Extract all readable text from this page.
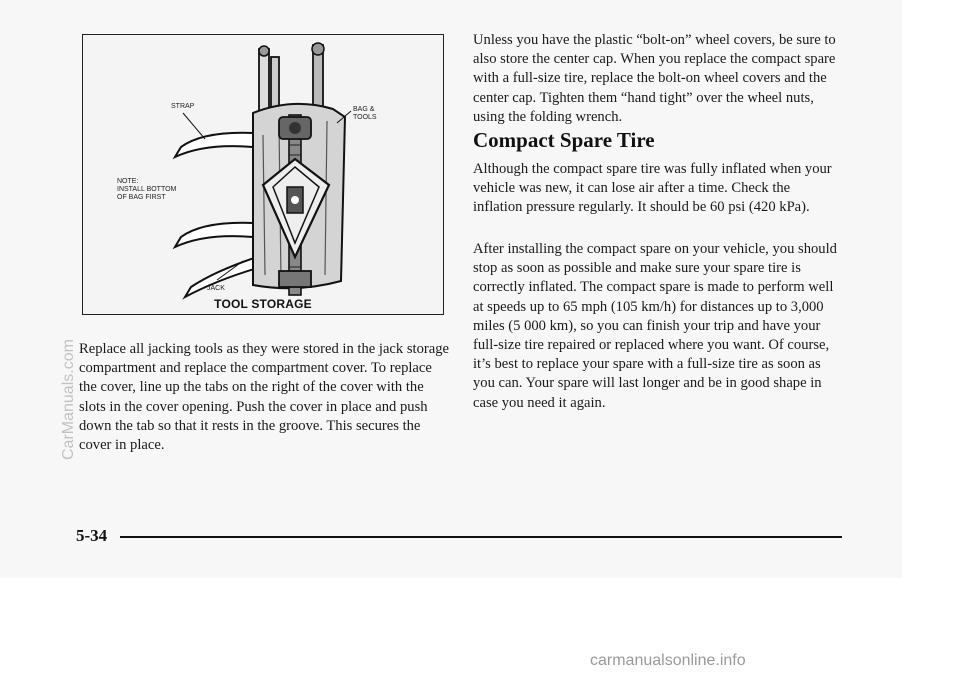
STRAP	BAG &
TOOLS
NOTE:
INSTALL BOTTOM
OF BAG FIRST
JACK
TOOL STORAGE

Replace all jacking tools as they were stored in the jack storage compartment and replace the compartment cover. To replace the cover, line up the tabs on the right of the cover with the slots in the cover opening. Push the cover in place and push down the tab so that it rests in the groove. This secures the cover in place.

Unless you have the plastic “bolt-on” wheel covers, be sure to also store the center cap. When you replace the compact spare with a full-size tire, replace the bolt-on wheel covers and the center cap. Tighten them “hand tight” over the wheel nuts, using the folding wrench.

Compact Spare Tire

Although the compact spare tire was fully inflated when your vehicle was new, it can lose air after a time. Check the inflation pressure regularly. It should be 60 psi (420 kPa).

After installing the compact spare on your vehicle, you should stop as soon as possible and make sure your spare tire is correctly inflated. The compact spare is made to perform well at speeds up to 65 mph (105 km/h) for distances up to 3,000 miles (5 000 km), so you can finish your trip and have your full-size tire repaired or replaced where you want. Of course, it’s best to replace your spare with a full-size tire as soon as you can. Your spare will last longer and be in good shape in case you need it again.

5-34

CarManuals.com
carmanualsonline.info
